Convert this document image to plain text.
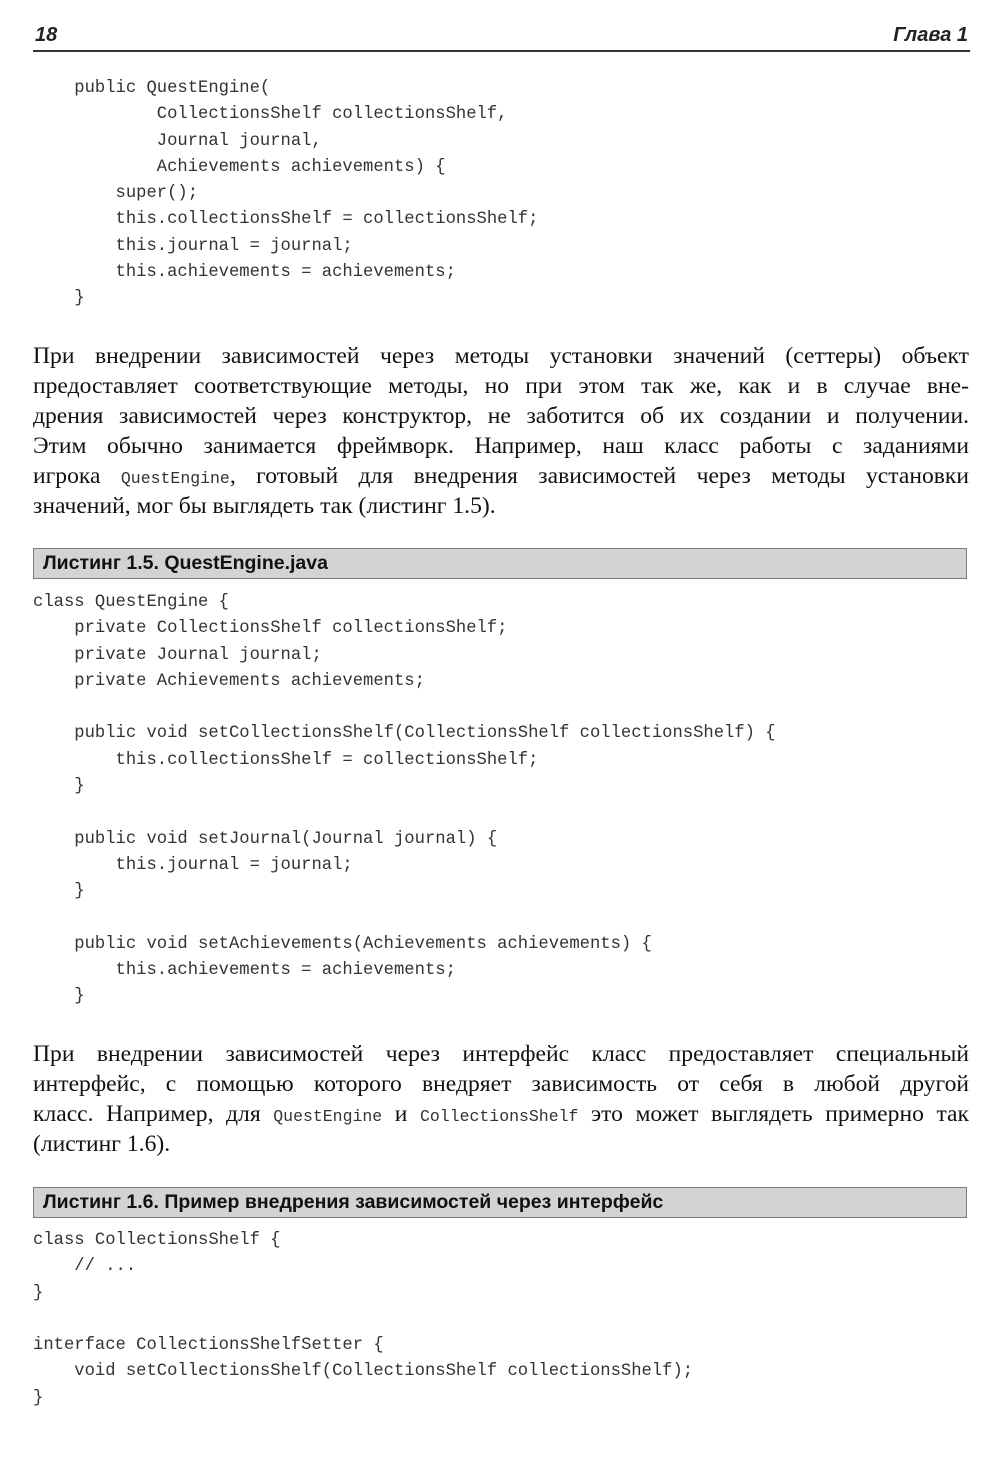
18	Глава 1
public QuestEngine(
CollectionsShelf collectionsShelf,
Journal journal,
Achievements achievements) {
super();
this.collectionsShelf = collectionsShelf;
this.journal = journal;
this.achievements = achievements;
}
При внедрении зависимостей через методы установки значений (сеттеры) объект
предоставляет соответствующие методы, но при этом так же, как и в случае вне-
дрения зависимостей через конструктор, не заботится об их создании и получении.
Этим обычно занимается фреймворк. Например, наш класс работы с заданиями
игрока QuestEngine, готовый для внедрения зависимостей через методы установки
значений, мог бы выглядеть так (листинг 1.5).
Листинг 1.5. QuestEngine.java
class QuestEngine {
private CollectionsShelf collectionsShelf;
private Journal journal;
private Achievements achievements;
public void setCollectionsShelf(CollectionsShelf collectionsShelf) {
this.collectionsShelf = collectionsShelf;
}
public void setJournal(Journal journal) {
this.journal = journal;
}
public void setAchievements(Achievements achievements) {
this.achievements = achievements;
}
При внедрении зависимостей через интерфейс класс предоставляет специальный
интерфейс, с помощью которого внедряет зависимость от себя в любой другой
класс. Например, для QuestEngine и CollectionsShelf это может выглядеть примерно так
(листинг 1.6).
Листинг 1.6. Пример внедрения зависимостей через интерфейс
class CollectionsShelf {
// ...
}
interface CollectionsShelfSetter {
void setCollectionsShelf(CollectionsShelf collectionsShelf);
}
